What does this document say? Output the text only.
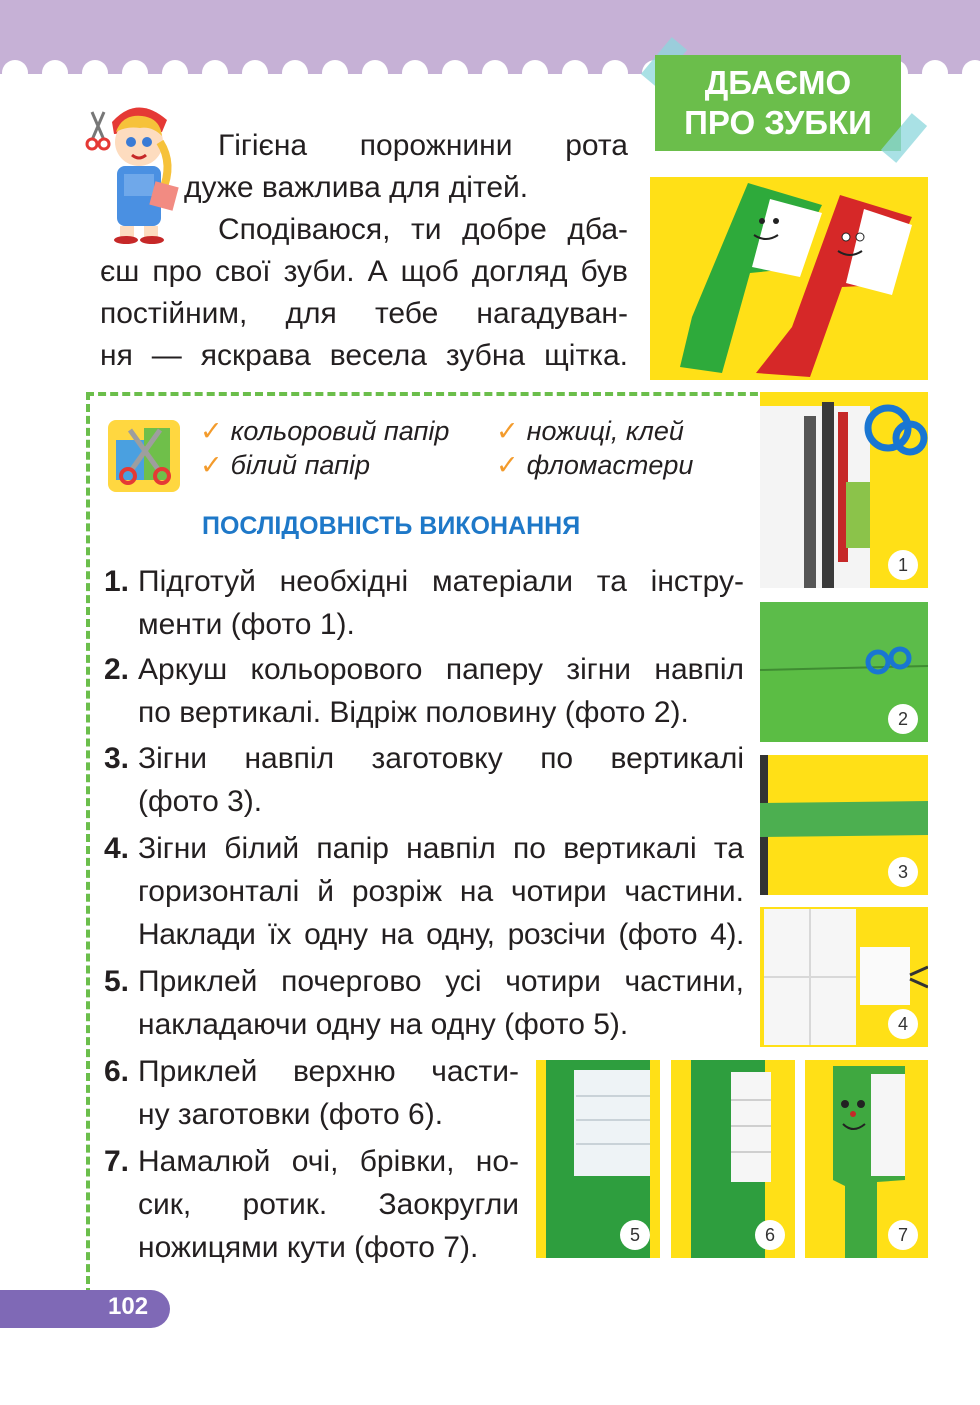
ДБАЄМО
ПРО ЗУБКИ

Гігієна порожнини рота

дуже важлива для дітей.

Сподіваюся, ти добре дба-

єш про свої зуби. А щоб догляд був

постійним, для тебе нагадуван-

ня — яскрава весела зубна щітка.

✓ кольоровий папір ✓ ножиці, клей
✓ білий папір	✓ фломастери
ПОСЛІДОВНІСТЬ ВИКОНАННЯ
1. Підготуй необхідні матеріали та інстру-
менти (фото 1).
2. Аркуш кольорового паперу зігни навпіл
по вертикалі. Відріж половину (фото 2).
3. Зігни навпіл заготовку по вертикалі
(фото 3).
4. Зігни білий папір навпіл по вертикалі та
горизонталі й розріж на чотири частини.
Наклади їх одну на одну, розсічи (фото 4).
5. Приклей почергово усі чотири частини,
накладаючи одну на одну (фото 5).
6. Приклей верхню части-
ну заготовки (фото 6).
7. Намалюй очі, брівки, но-
сик, ротик. Заокругли
ножицями кути (фото 7).
1
2
3
4
5	6	7
102
